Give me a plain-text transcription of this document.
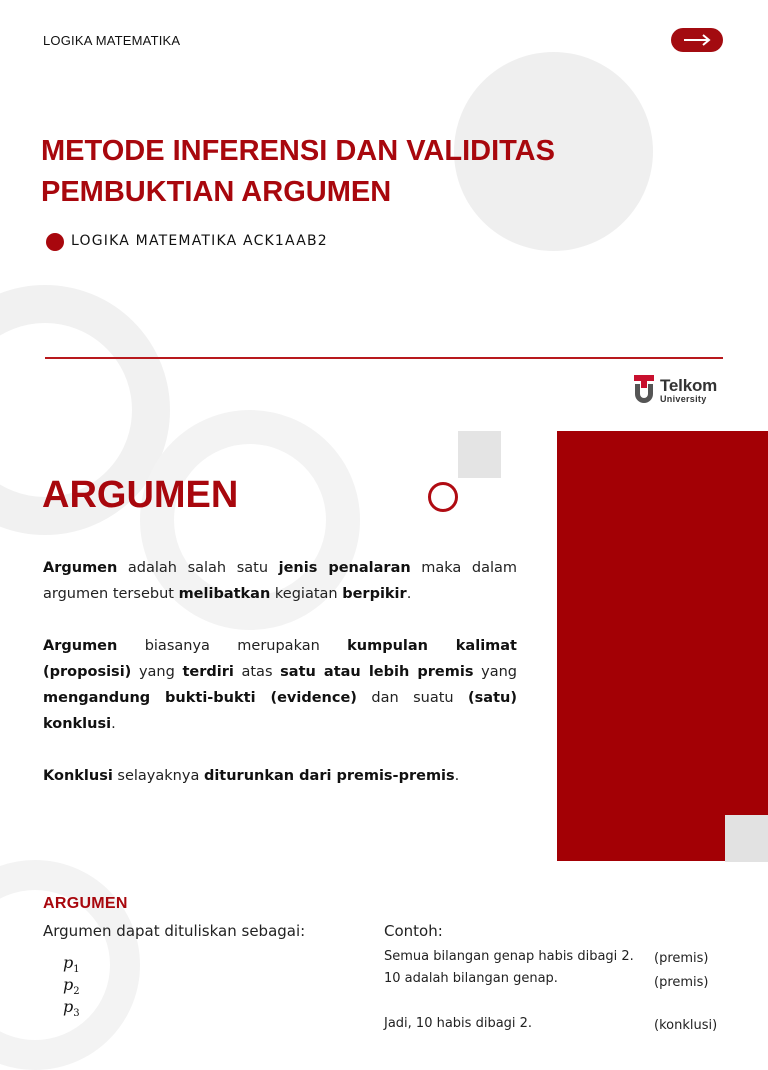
LOGIKA MATEMATIKA
METODE INFERENSI DAN VALIDITAS
PEMBUKTIAN ARGUMEN
LOGIKA MATEMATIKA ACK1AAB2
Telkom
University
ARGUMEN
Argumen adalah salah satu jenis penalaran maka dalam argumen tersebut melibatkan kegiatan berpikir.
Argumen biasanya merupakan kumpulan kalimat (proposisi) yang terdiri atas satu atau lebih premis yang mengandung bukti-bukti (evidence) dan suatu (satu) konklusi.
Konklusi selayaknya diturunkan dari premis-premis.
ARGUMEN
Argumen dapat dituliskan sebagai:
$p_1$
$p_2$
$p_3$
Contoh:
Semua bilangan genap habis dibagi 2. (premis)
10 adalah bilangan genap.	(premis)
Jadi, 10 habis dibagi 2.	(konklusi)
